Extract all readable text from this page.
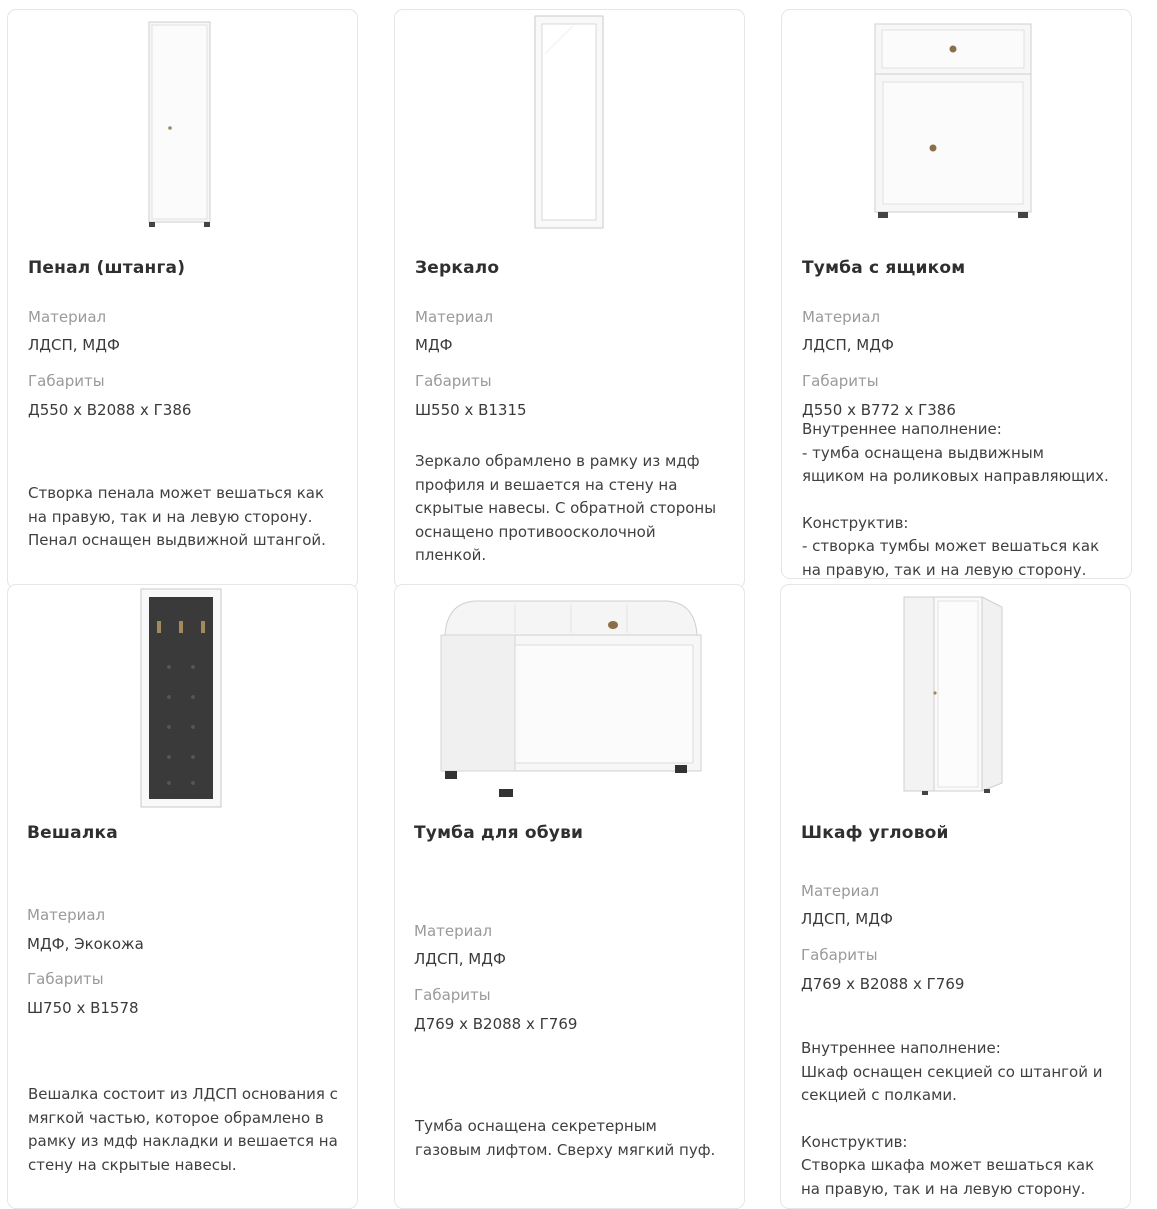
Пенал (штанга)
Материал
ЛДСП, МДФ
Габариты
Д550 х В2088 х Г386
Створка пенала может вешаться как
на правую, так и на левую сторону.
Пенал оснащен выдвижной штангой.
Зеркало
Материал
МДФ
Габариты
Ш550 х В1315
Зеркало обрамлено в рамку из мдф
профиля и вешается на стену на
скрытые навесы. С обратной стороны
оснащено противоосколочной
пленкой.
Тумба с ящиком
Материал
ЛДСП, МДФ
Габариты
Д550 х В772 х Г386
Внутреннее наполнение:
- тумба оснащена выдвижным
ящиком на роликовых направляющих.
Конструктив:
- створка тумбы может вешаться как
на правую, так и на левую сторону.
Вешалка
Материал
МДФ, Экокожа
Габариты
Ш750 х В1578
Вешалка состоит из ЛДСП основания с
мягкой частью, которое обрамлено в
рамку из мдф накладки и вешается на
стену на скрытые навесы.
Тумба для обуви
Материал
ЛДСП, МДФ
Габариты
Д769 х В2088 х Г769
Тумба оснащена секретерным
газовым лифтом. Сверху мягкий пуф.
Шкаф угловой
Материал
ЛДСП, МДФ
Габариты
Д769 х В2088 х Г769
Внутреннее наполнение:
Шкаф оснащен секцией со штангой и
секцией с полками.
Конструктив:
Створка шкафа может вешаться как
на правую, так и на левую сторону.
